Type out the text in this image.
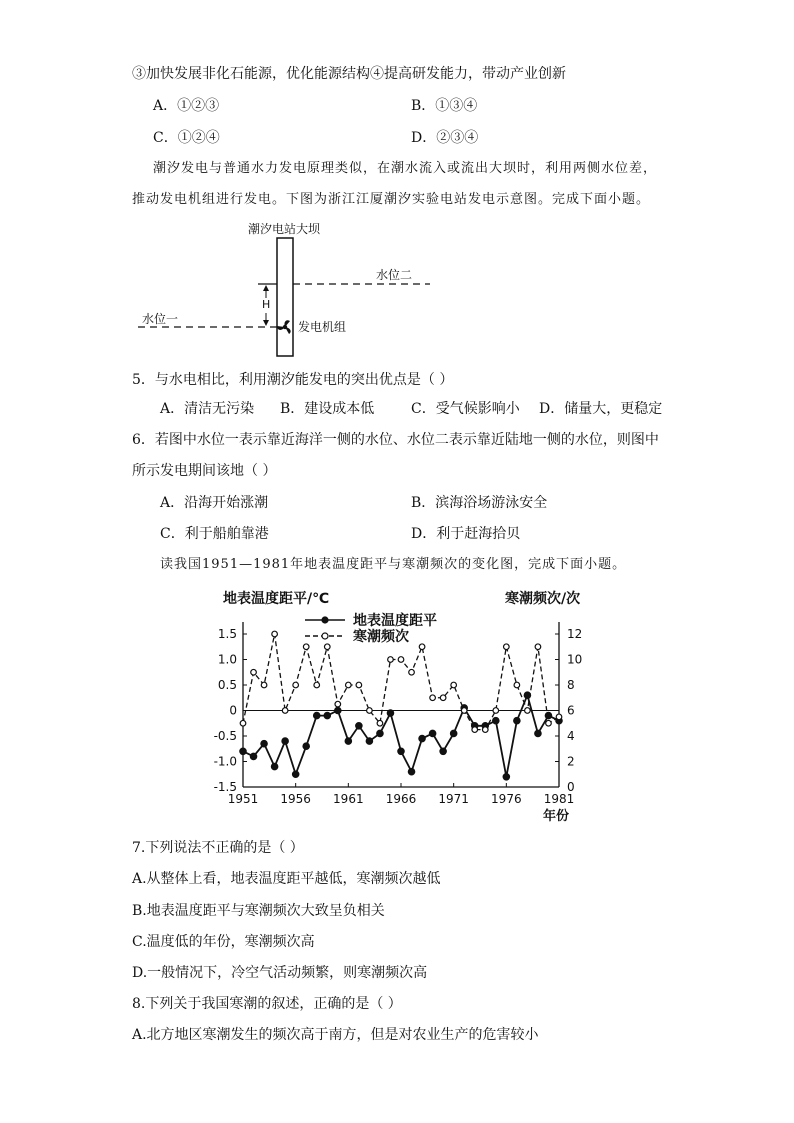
③加快发展非化石能源，优化能源结构④提高研发能力，带动产业创新
A．①②③	B．①③④
C．①②④	D．②③④
潮汐发电与普通水力发电原理类似，在潮水流入或流出大坝时，利用两侧水位差，
推动发电机组进行发电。下图为浙江江厦潮汐实验电站发电示意图。完成下面小题。
潮汐电站大坝
水位二
水位一
H
发电机组
5．与水电相比，利用潮汐能发电的突出优点是（ ）
A．清洁无污染 B．建设成本低	C．受气候影响小 D．储量大，更稳定
6．若图中水位一表示靠近海洋一侧的水位、水位二表示靠近陆地一侧的水位，则图中
所示发电期间该地（ ）
A．沿海开始涨潮	B．滨海浴场游泳安全
C．利于船舶靠港	D．利于赶海拾贝
读我国1951—1981年地表温度距平与寒潮频次的变化图，完成下面小题。
地表温度距平/℃	寒潮频次/次
年份
1.5
1.0
0.5
0
-0.5
-1.0
-1.5
12
10
8
6
4
2
0
1951 1956 1961 1966 1971 1976 1981
地表温度距平
寒潮频次
7.下列说法不正确的是（ ）
A.从整体上看，地表温度距平越低，寒潮频次越低
B.地表温度距平与寒潮频次大致呈负相关
C.温度低的年份，寒潮频次高
D.一般情况下，冷空气活动频繁，则寒潮频次高
8.下列关于我国寒潮的叙述，正确的是（ ）
A.北方地区寒潮发生的频次高于南方，但是对农业生产的危害较小
